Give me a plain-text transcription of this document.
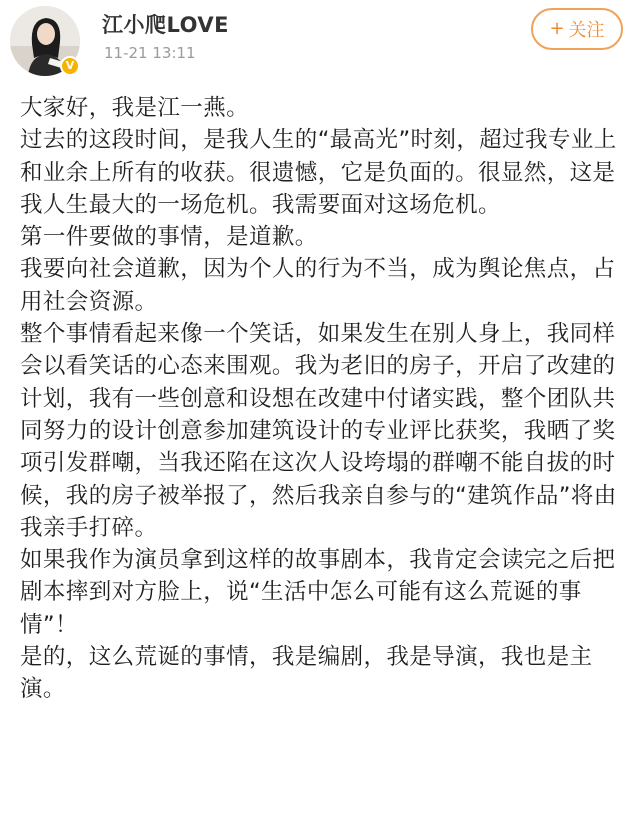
V
江小爬LOVE
11-21 13:11
+ 关注

大家好，我是江一燕。

过去的这段时间，是我人生的“最高光”时刻，超过我专业上和业余上所有的收获。很遗憾，它是负面的。很显然，这是我人生最大的一场危机。我需要面对这场危机。

第一件要做的事情，是道歉。

我要向社会道歉，因为个人的行为不当，成为舆论焦点，占用社会资源。

整个事情看起来像一个笑话，如果发生在别人身上，我同样会以看笑话的心态来围观。我为老旧的房子，开启了改建的计划，我有一些创意和设想在改建中付诸实践，整个团队共同努力的设计创意参加建筑设计的专业评比获奖，我晒了奖项引发群嘲，当我还陷在这次人设垮塌的群嘲不能自拔的时候，我的房子被举报了，然后我亲自参与的“建筑作品”将由我亲手打碎。

如果我作为演员拿到这样的故事剧本，我肯定会读完之后把剧本摔到对方脸上，说“生活中怎么可能有这么荒诞的事情”！

是的，这么荒诞的事情，我是编剧，我是导演，我也是主演。
